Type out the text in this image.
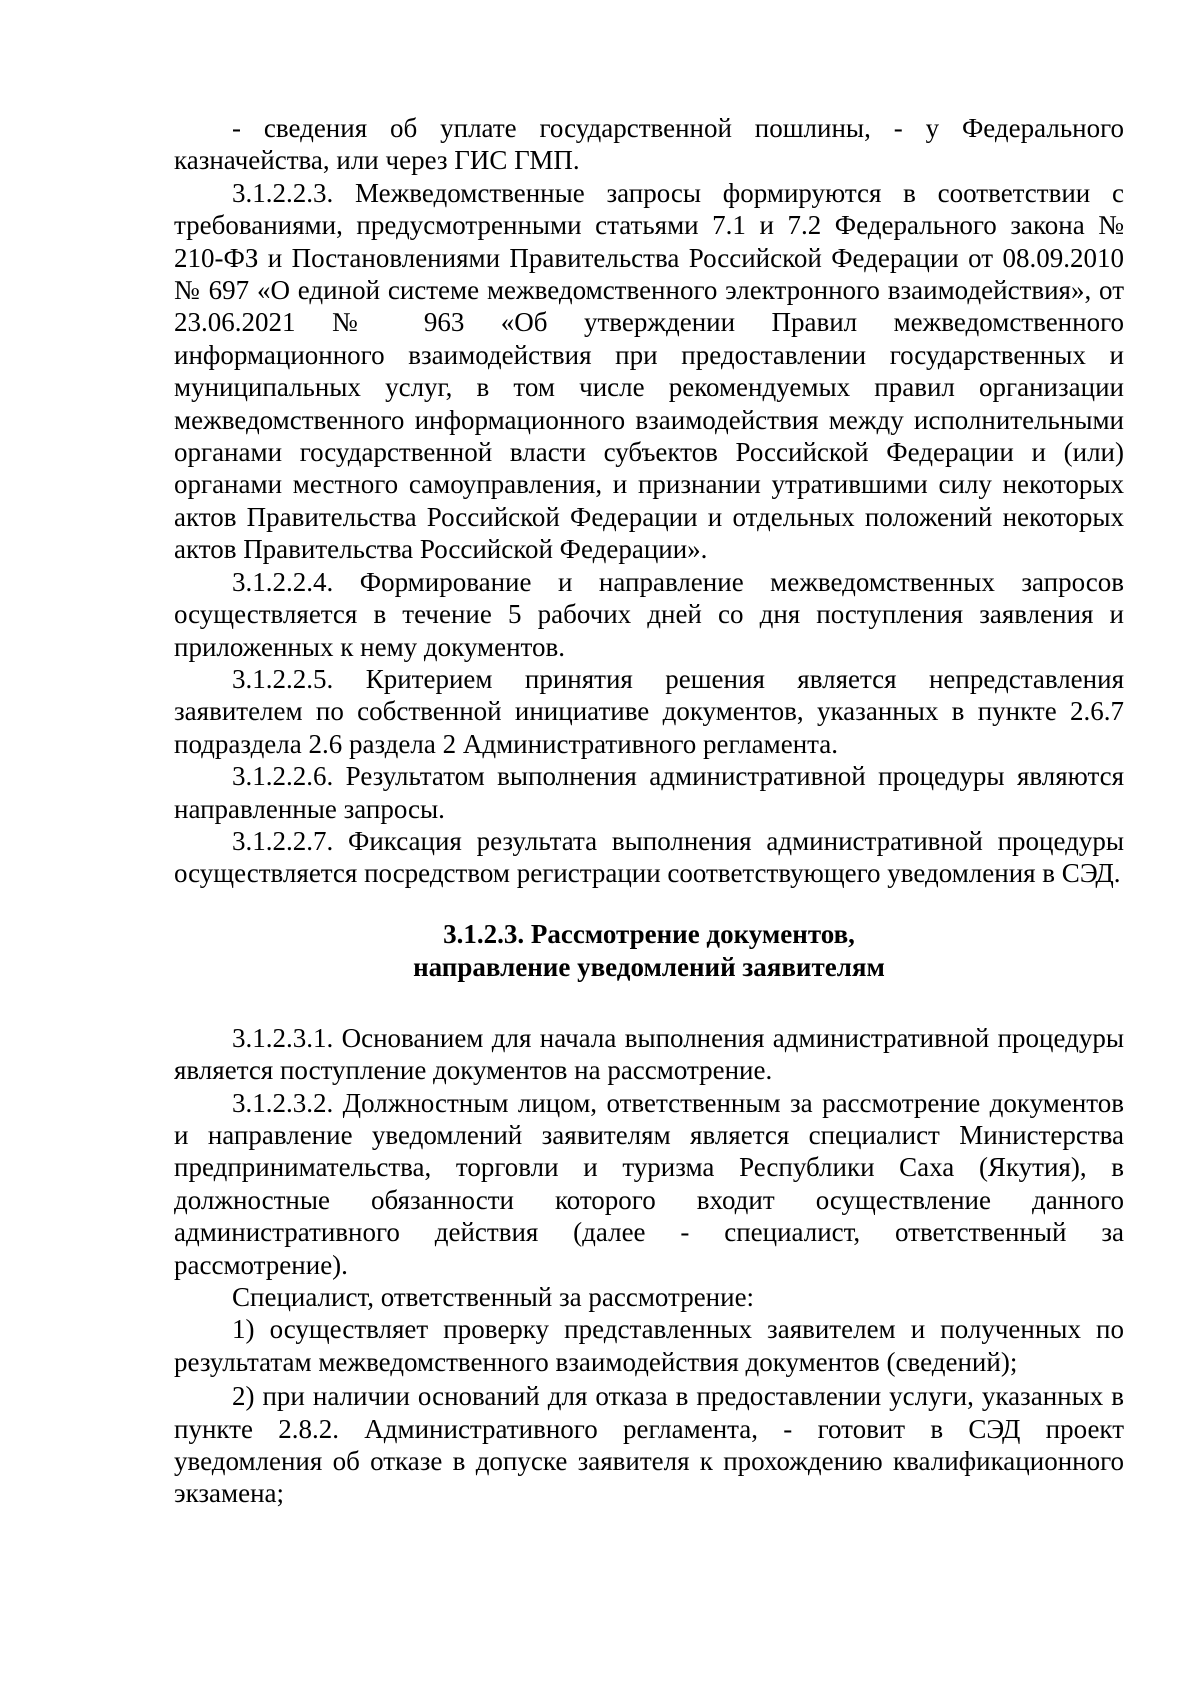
- сведения об уплате государственной пошлины, - у Федерального казначейства, или через ГИС ГМП.

3.1.2.2.3. Межведомственные запросы формируются в соответствии с требованиями, предусмотренными статьями 7.1 и 7.2 Федерального закона № 210-ФЗ и Постановлениями Правительства Российской Федерации от 08.09.2010 № 697 «О единой системе межведомственного электронного взаимодействия», от 23.06.2021 № 963 «Об утверждении Правил межведомственного информационного взаимодействия при предоставлении государственных и муниципальных услуг, в том числе рекомендуемых правил организации межведомственного информационного взаимодействия между исполнительными органами государственной власти субъектов Российской Федерации и (или) органами местного самоуправления, и признании утратившими силу некоторых актов Правительства Российской Федерации и отдельных положений некоторых актов Правительства Российской Федерации».

3.1.2.2.4. Формирование и направление межведомственных запросов осуществляется в течение 5 рабочих дней со дня поступления заявления и приложенных к нему документов.

3.1.2.2.5. Критерием принятия решения является непредставления заявителем по собственной инициативе документов, указанных в пункте 2.6.7 подраздела 2.6 раздела 2 Административного регламента.

3.1.2.2.6. Результатом выполнения административной процедуры являются направленные запросы.

3.1.2.2.7. Фиксация результата выполнения административной процедуры осуществляется посредством регистрации соответствующего уведомления в СЭД.

3.1.2.3. Рассмотрение документов,
направление уведомлений заявителям

3.1.2.3.1. Основанием для начала выполнения административной процедуры является поступление документов на рассмотрение.

3.1.2.3.2. Должностным лицом, ответственным за рассмотрение документов и направление уведомлений заявителям является специалист Министерства предпринимательства, торговли и туризма Республики Саха (Якутия), в должностные обязанности которого входит осуществление данного административного действия (далее - специалист, ответственный за рассмотрение).

Специалист, ответственный за рассмотрение:

1) осуществляет проверку представленных заявителем и полученных по результатам межведомственного взаимодействия документов (сведений);

2) при наличии оснований для отказа в предоставлении услуги, указанных в пункте 2.8.2. Административного регламента, - готовит в СЭД проект уведомления об отказе в допуске заявителя к прохождению квалификационного экзамена;
